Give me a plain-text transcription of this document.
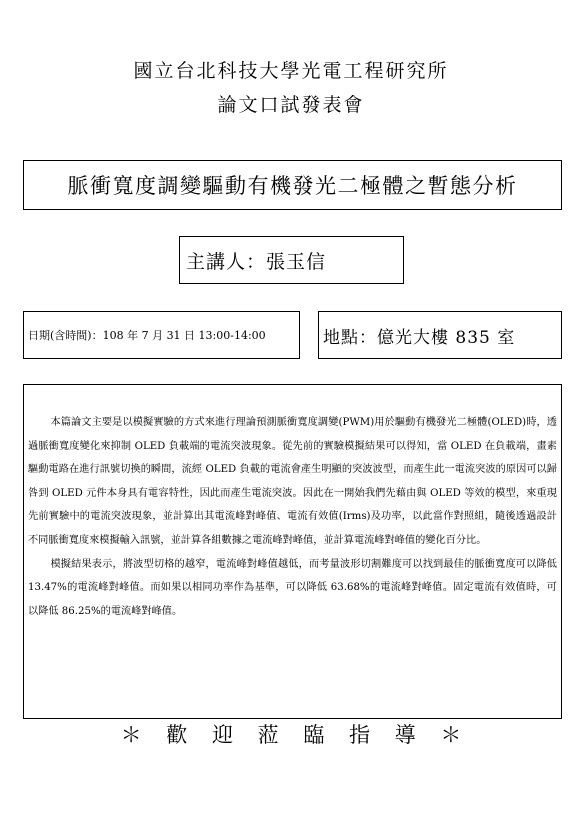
國立台北科技大學光電工程研究所
論文口試發表會
脈衝寬度調變驅動有機發光二極體之暫態分析
主講人：張玉信
日期(含時間)：108 年 7 月 31 日 13:00-14:00	地點：億光大樓 835 室

本篇論文主要是以模擬實驗的方式來進行理論預測脈衝寬度調變(PWM)用於驅動有機發光二極體(OLED)時，透過脈衝寬度變化來抑制 OLED 負載端的電流突波現象。從先前的實驗模擬結果可以得知，當 OLED 在負載端，畫素驅動電路在進行訊號切換的瞬間，流經 OLED 負載的電流會產生明顯的突波波型，而產生此一電流突波的原因可以歸咎到 OLED 元件本身具有電容特性，因此而產生電流突波。因此在一開始我們先藉由與 OLED 等效的模型，來重現先前實驗中的電流突波現象，並計算出其電流峰對峰值、電流有效值(Irms)及功率，以此當作對照組，隨後透過設計不同脈衝寬度來模擬輸入訊號，並計算各組數據之電流峰對峰值，並計算電流峰對峰值的變化百分比。

模擬結果表示，將波型切格的越窄，電流峰對峰值越低，而考量波形切割難度可以找到最佳的脈衝寬度可以降低 13.47%的電流峰對峰值。而如果以相同功率作為基準，可以降低 63.68%的電流峰對峰值。固定電流有效值時，可以降低 86.25%的電流峰對峰值。

＊ 歡 迎 蒞 臨 指 導 ＊
